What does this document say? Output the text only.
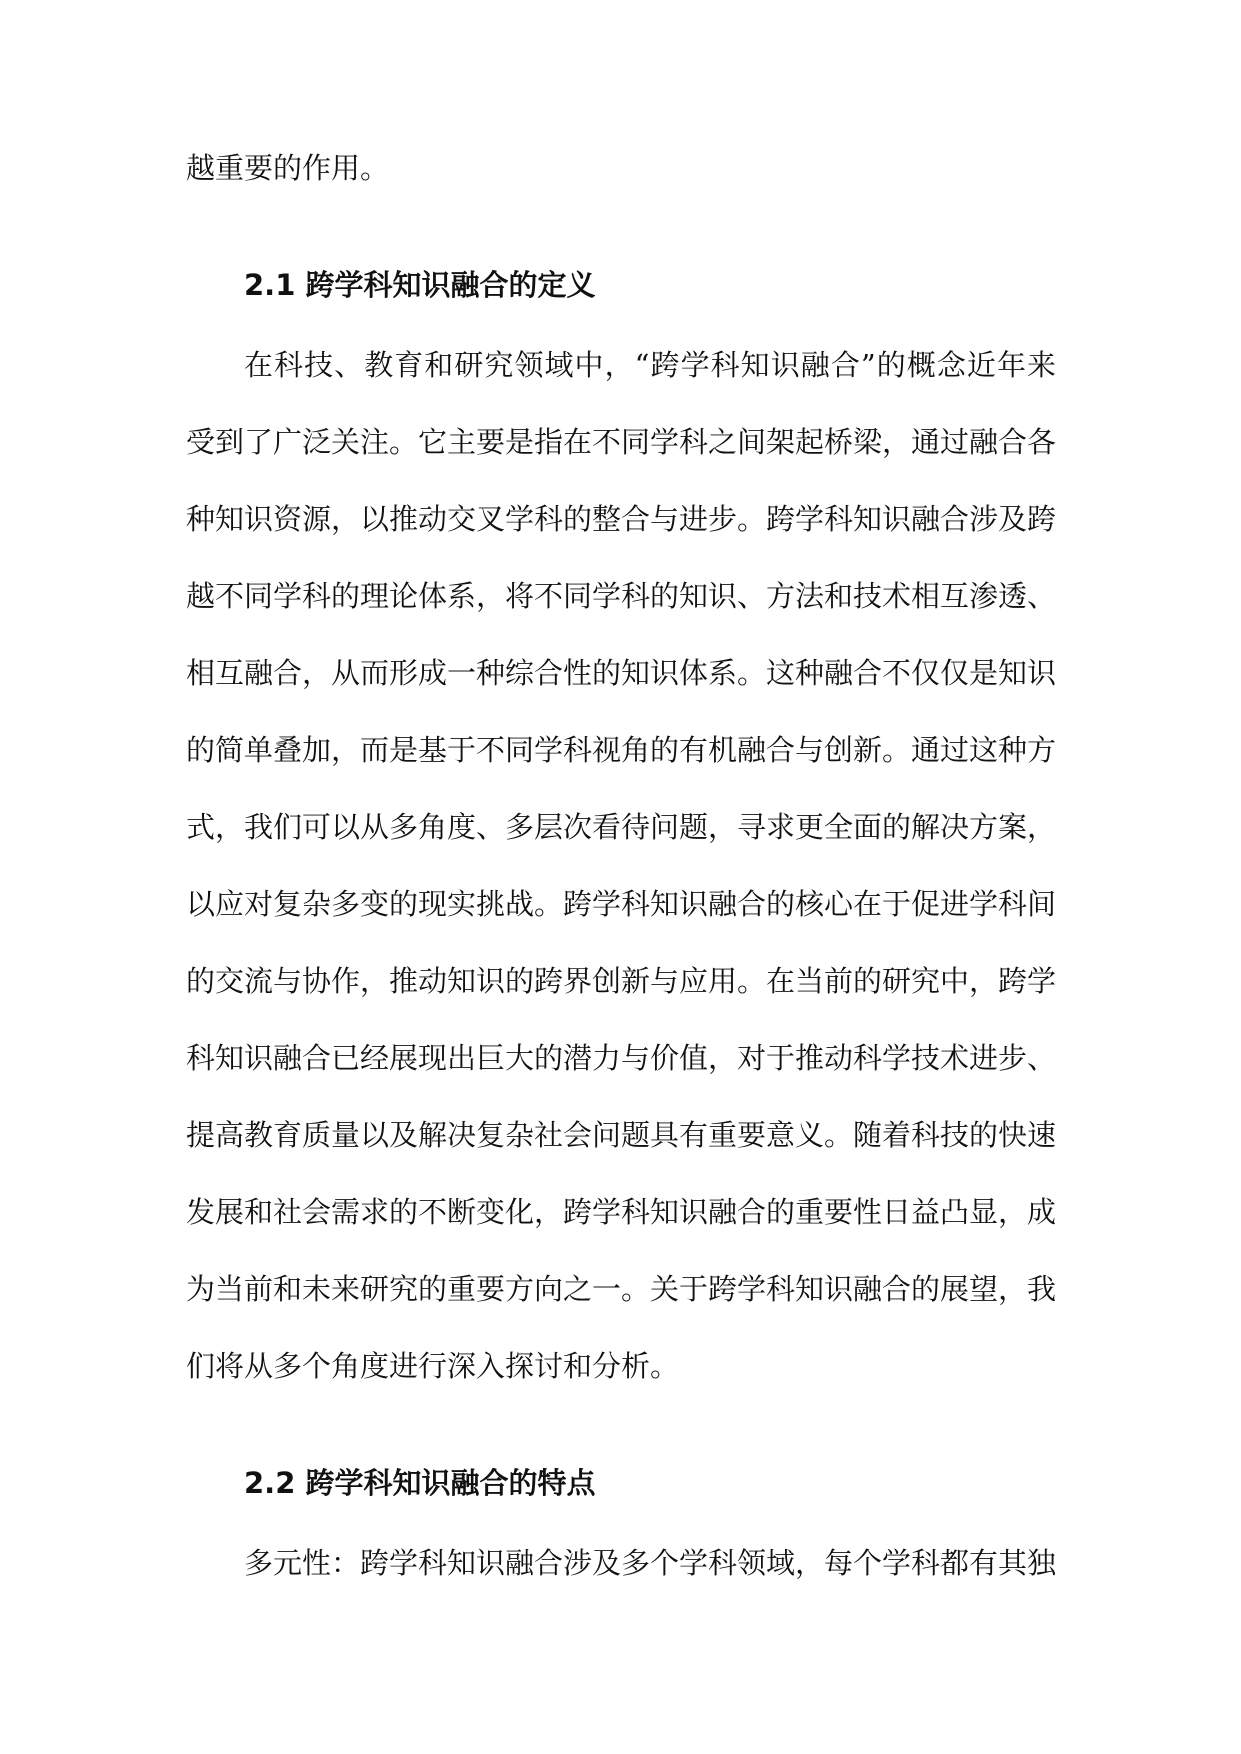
越重要的作用。
2.1 跨学科知识融合的定义
在科技、教育和研究领域中，“跨学科知识融合”的概念近年来
受到了广泛关注。它主要是指在不同学科之间架起桥梁，通过融合各
种知识资源，以推动交叉学科的整合与进步。跨学科知识融合涉及跨
越不同学科的理论体系，将不同学科的知识、方法和技术相互渗透、
相互融合，从而形成一种综合性的知识体系。这种融合不仅仅是知识
的简单叠加，而是基于不同学科视角的有机融合与创新。通过这种方
式，我们可以从多角度、多层次看待问题，寻求更全面的解决方案，
以应对复杂多变的现实挑战。跨学科知识融合的核心在于促进学科间
的交流与协作，推动知识的跨界创新与应用。在当前的研究中，跨学
科知识融合已经展现出巨大的潜力与价值，对于推动科学技术进步、
提高教育质量以及解决复杂社会问题具有重要意义。随着科技的快速
发展和社会需求的不断变化，跨学科知识融合的重要性日益凸显，成
为当前和未来研究的重要方向之一。关于跨学科知识融合的展望，我
们将从多个角度进行深入探讨和分析。
2.2 跨学科知识融合的特点
多元性：跨学科知识融合涉及多个学科领域，每个学科都有其独
